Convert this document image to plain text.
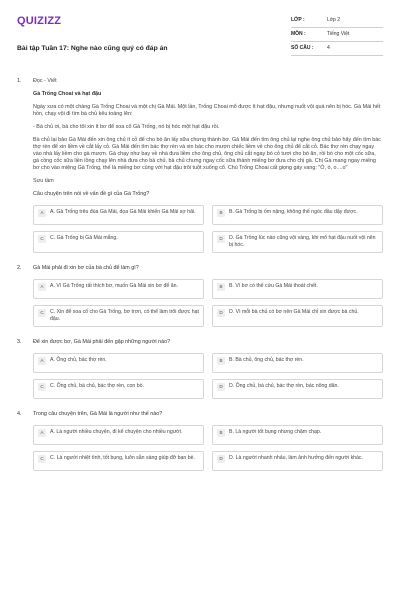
QUIZIZZ
Bài tập Tuần 17: Nghe nào cũng quý có đáp án
LỚP :	Lớp 2
MÔN :	Tiếng Việt
SỐ CÂU :	4
1. Đọc - Viết
Gà Trống Choai và hạt đậu
Ngày xưa có một chàng Gà Trống Choai và một chị Gà Mái. Một lần, Trống Choai mổ được ít hạt đậu, nhưng nuốt vội quá nên bị hóc. Gà Mái hết hồn, chạy vội đi tìm bà chủ kêu toáng lên:
- Bà chủ ơi, bà cho tôi xin ít bơ để xoa cổ Gà Trống, nó bị hóc một hạt đậu rồi.
Bà chủ lại bảo Gà Mái đến xin ông chủ ít cỏ để cho bò ăn lấy sữa chưng thành bơ. Gà Mái đến tìm ông chủ lại nghe ông chủ bảo hãy đến tìm bác thợ rèn để xin liềm về cắt lấy cỏ. Gà Mái đến tìm bác thợ rèn và xin bác cho mượn chiếc liềm về cho ông chủ để cắt cỏ. Bác thợ rèn chạy ngay vào nhà lấy liềm cho gà mượn. Gà chạy như bay về nhà đưa liềm cho ông chủ, ông chủ cắt ngay bó cỏ tươi cho bò ăn, rồi bò cho một cốc sữa, gà cồng cốc sữa liền lồng chạy lên nhà đưa cho bà chủ, bà chủ chưng ngay cốc sữa thành miếng bơ đưa cho chị gà. Chị Gà mang ngay miếng bơ cho vào miệng Gà Trống, thế là miếng bơ cùng với hạt đậu trôi tuột xuống cổ. Chú Trống Choai cất giọng gáy vang: "Ò, ó, o....o"
Sưu tầm
Câu chuyện trên nói về vấn đề gì của Gà Trống?
A	A. Gà Trống trêu đùa Gà Mái, dọa Gà Mái khiến Gà Mái sợ hãi.	B	B. Gà Trống bị ốm nặng, không thể ngóc đầu dậy được.
C	C. Gà Trống bị Gà Mái mắng.	D	D. Gà Trống lúc nào cũng vội vàng, khi mổ hạt đậu nuốt vội nên bị hóc.
2. Gà Mái phải đi xin bơ của bà chủ để làm gì?
A	A. Vì Gà Trống rất thích bơ, muốn Gà Mái xin bơ để ăn.	B	B. Vì bơ có thể cứu Gà Mái thoát chết.
C	C. Xin để xoa cổ cho Gà Trống, bơ trơn, có thể làm trôi được hạt đậu.
D	D. Vì mỗi bà chủ có bơ nên Gà Mái chỉ xin được bà chủ.
3. Để xin được bơ, Gà Mái phải đến gặp những người nào?
A	A. Ông chủ, bác thợ rèn.	B	B. Bà chủ, ông chủ, bác thợ rèn.
C	C. Ông chủ, bà chủ, bác thợ rèn, con bò.	D	D. Ông chủ, bà chủ, bác thợ rèn, bác nông dân.
4. Trong câu chuyện trên, Gà Mái là người như thế nào?
A	A. Là người nhiều chuyện, đi kể chuyện cho nhiều người.	B	B. Là người tốt bụng nhưng chậm chạp.
C	C. Là người nhiệt tình, tốt bụng, luôn sẵn sàng giúp đỡ bạn bè.	D	D. Là người nhanh nhảu, làm ảnh hưởng đến người khác.
